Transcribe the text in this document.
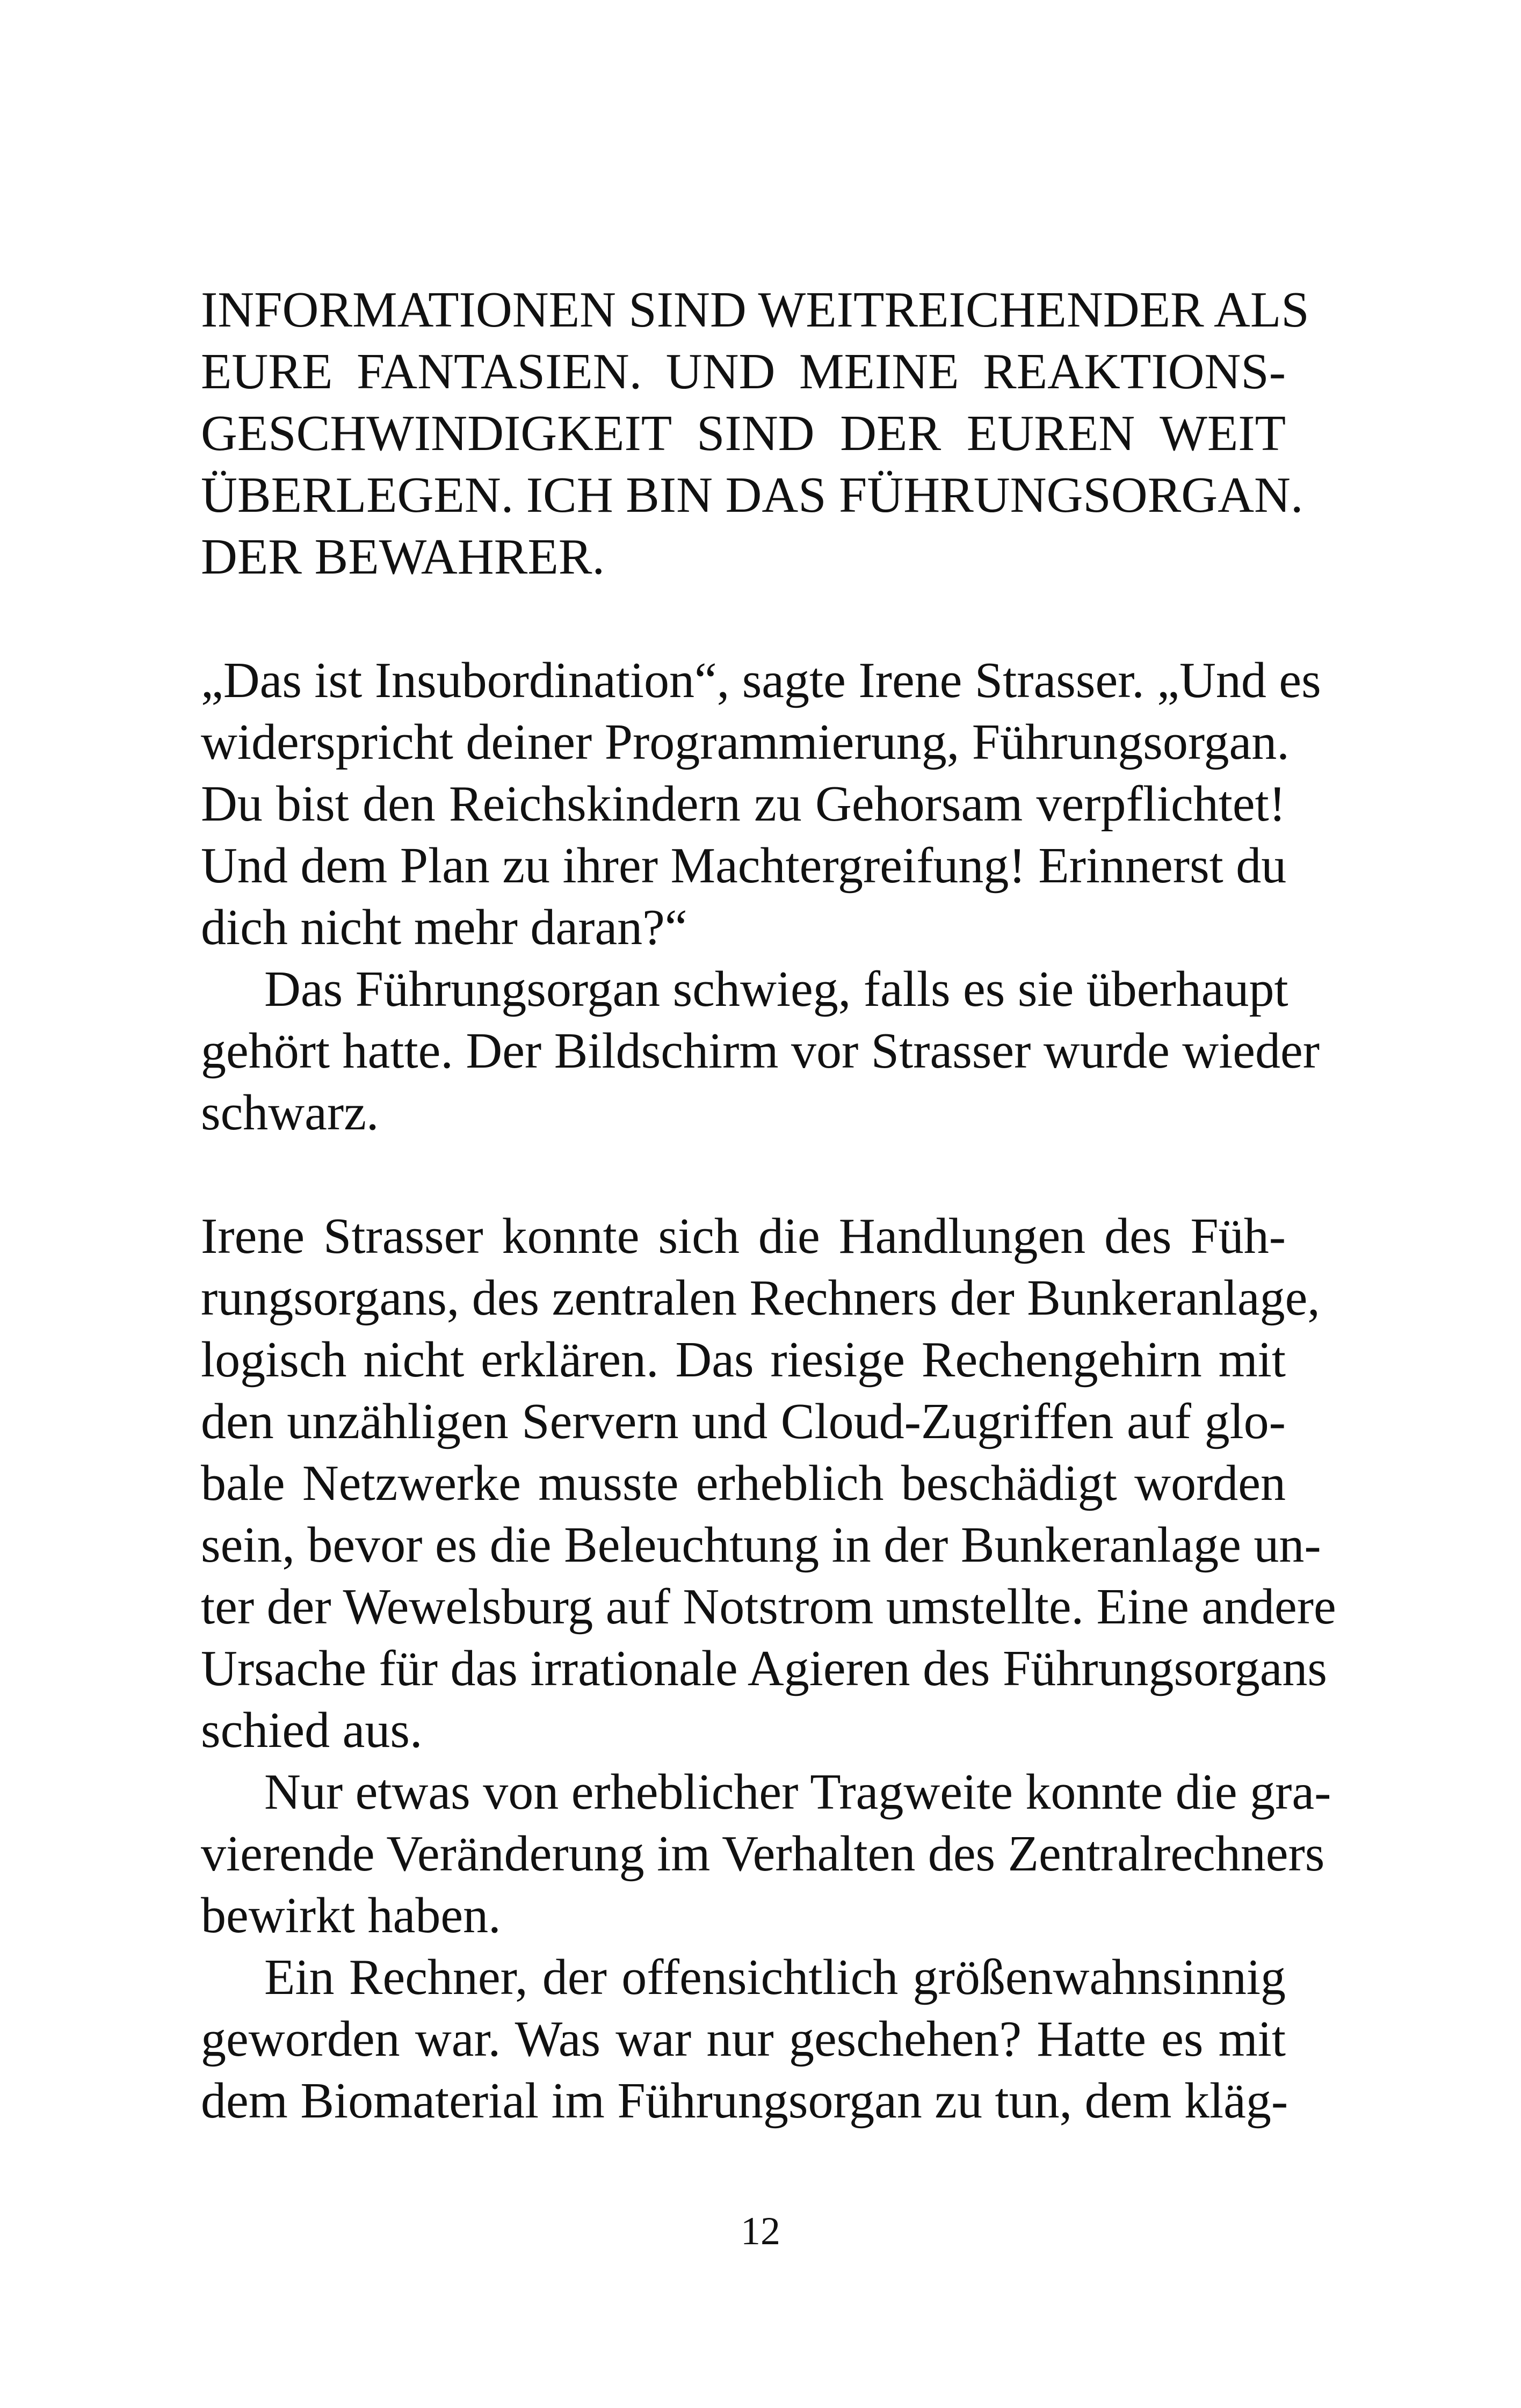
INFORMATIONEN SIND WEITREICHENDER ALS
EURE FANTASIEN. UND MEINE REAKTIONS-
GESCHWINDIGKEIT SIND DER EUREN WEIT
ÜBERLEGEN. ICH BIN DAS FÜHRUNGSORGAN.
DER BEWAHRER.
„Das ist Insubordination“, sagte Irene Strasser. „Und es
widerspricht deiner Programmierung, Führungsorgan.
Du bist den Reichskindern zu Gehorsam verpflichtet!
Und dem Plan zu ihrer Machtergreifung! Erinnerst du
dich nicht mehr daran?“
Das Führungsorgan schwieg, falls es sie überhaupt
gehört hatte. Der Bildschirm vor Strasser wurde wieder
schwarz.
Irene Strasser konnte sich die Handlungen des Füh-
rungsorgans, des zentralen Rechners der Bunkeranlage,
logisch nicht erklären. Das riesige Rechengehirn mit
den unzähligen Servern und Cloud-Zugriffen auf glo-
bale Netzwerke musste erheblich beschädigt worden
sein, bevor es die Beleuchtung in der Bunkeranlage un-
ter der Wewelsburg auf Notstrom umstellte. Eine andere
Ursache für das irrationale Agieren des Führungsorgans
schied aus.
Nur etwas von erheblicher Tragweite konnte die gra-
vierende Veränderung im Verhalten des Zentralrechners
bewirkt haben.
Ein Rechner, der offensichtlich größenwahnsinnig
geworden war. Was war nur geschehen? Hatte es mit
dem Biomaterial im Führungsorgan zu tun, dem kläg-
12
